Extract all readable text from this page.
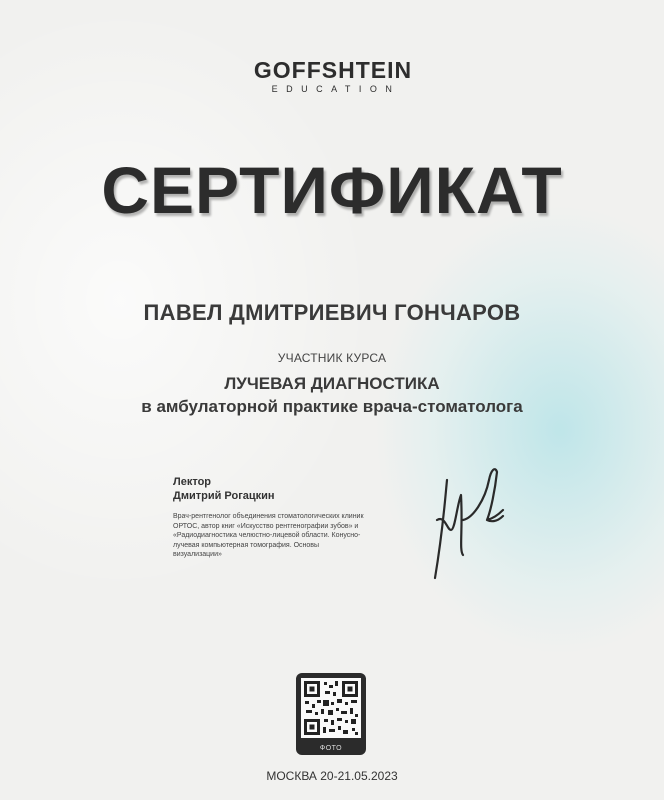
GOFFSHTEIN
EDUCATION
СЕРТИФИКАТ
ПАВЕЛ ДМИТРИЕВИЧ ГОНЧАРОВ
УЧАСТНИК КУРСА
ЛУЧЕВАЯ ДИАГНОСТИКА
в амбулаторной практике врача-стоматолога
Лектор
Дмитрий Рогацкин
Врач-рентгенолог объединения стоматологических клиник ОРТОС, автор книг «Искусство рентгенографии зубов» и «Радиодиагностика челюстно-лицевой области. Конусно-лучевая компьютерная томография. Основы визуализации»
ФОТО
МОСКВА 20-21.05.2023
